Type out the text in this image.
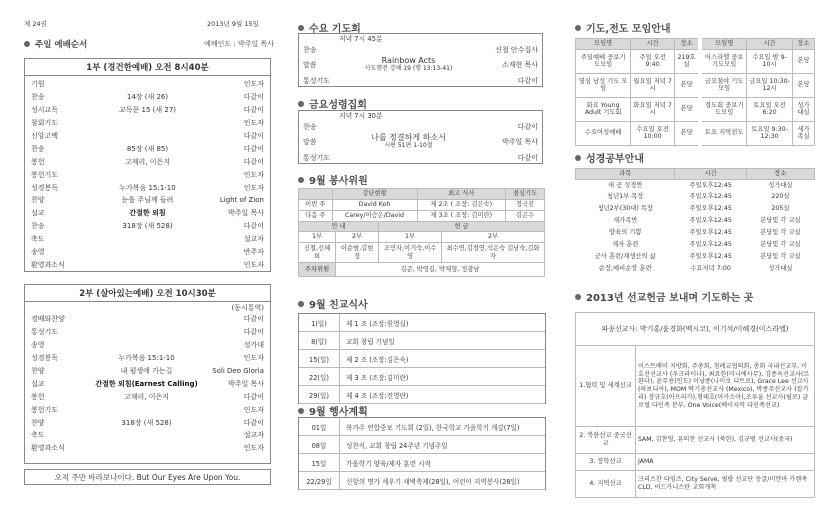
제 24권	2013년 9월 15일
주일 예배순서	예배인도 : 박주일 목사
1부 (경건한예배) 오전 8시40분
기원	인도자
찬송	14장 (새 26)	다같이
성시교독	교독문 15 (새 27)	다같이
참회기도	인도자
신앙고백	다같이
찬송	85장 (새 85)	다같이
봉헌	고재리, 이은지	다같이
봉헌기도	인도자
성경봉독	누가복음 15:1-10	인도자
찬양	눈을 주님께 들려	Light of Zion
설교	간절한 외침	박주일 목사
찬송	318장 (새 528)	다같이
축도	설교자
송영	반주자
환영과소식	인도자
2부 (살아있는예배) 오전 10시30분
(동시통역)
경배와찬양	다같이
통성기도	다같이
송영	성가대
성경봉독	누가복음 15:1-10	인도자
찬양	내 평생에 가는길	Soli Deo Gloria
설교	간절한 외침(Earnest Calling)	박주일 목사
봉헌	고재리, 이은지	다같이
봉헌기도	인도자
찬양	318장 (새 528)	다같이
축도	설교자
환영과소식	인도자
오직 주만 바라보나이다. But Our Eyes Are Upon You.
수요 기도회
저녁 7시 45분
찬송	신철 안수집사
말씀	Rainbow Acts
사도행전 강해 19 (행 13:13-41)	소재현 목사
통성기도	다같이
금요성령집회
저녁 7시 30분
찬송	다같이
말씀	나를 정결하게 하소서
시편 51편 1-10절	박주일 목사
통성기도	다같이
9월 봉사위원
	강단현황	최고 식사	점심기도
이번 주	David Koh	제 2조 ( 조장: 김은숙)	정국진
다음 주	Carey/이승은/David	제 3조 ( 조장: 김미란)	김곤수
안 내		헌 금	
1부	2부	1부	2부
신철,신혜희	이순범,김현정	조민자,이기숙,이수영	최수연,김경연,석은숙 김남숙,김화자
주차위원	김준, 박영길, 박재형, 정광남		
9월 친교식사
1(일)	제 1 조 (조장:원영실)
8(일)	교회 창립 기념일
15(일)	제 2 조 (조장:김은숙)
22(일)	제 3 조 (조장:김미란)
29(일)	제 4 조 (조장:전영란)
9월 행사계획
01일	북가주 연합중보 기도회 (2일), 한국학교 가을학기 개강(7일)
08일	성찬식, 교회 창립 24주년 기념주일
15일	가을학기 양육/제자 훈련 시작
22/29일	신앙의 명가 세우기 새벽축제(28일), 어린이 지역봉사(28일)
기도,전도 모임안내
모임명	시간	장소	모임명	시간	장소
주일예배 중보기도모임	주일 오전 9:40	219호실	어스라엘 중보기도모임	수요일 밤 9-10시	본당
열심 남성 기도 모임	월요일 저녁 7시	본당	금요철야 기도모임	금요일 10:30-12시	본당
화요 Young Adult 기도회	화요일 저녁 7시	본당	경도회 중보기도모임	토요일 오전 6:20	성가대실
수요여성예배	수요일 오전 10:00	본당	토요 지역전도	토요일 9:30-12:30	세가족실
성경공부안내
과목	시간	장소
새 공 성경반	주일오후12:45	성가대실
청년1부 목장	주일오후12:45	220실
청년2부(30대) 목장	주일오후12:45	205실
새가족반	주일오후12:45	본당및 각 교실
양육의 기쁨	주일오후12:45	본당및 각 교실
제자 훈련	주일오후12:45	본당및 각 교실
군사 훈련/재생산의 삶	주일오후12:45	본당및 각 교실
순장,예비순장 훈련	수요저녁 7:00	성가대실
2013년 선교헌금 보내며 기도하는 곳
파송선교사: 박기홍/윤경화(멕시코), 이기석/이혜경(이스라엘)	
1.협력 및 세계선교	이스트베이 지방회, 주총회, 침례교협의회, 총회 국내선교부, 이호선선교사 (우크라이나), 최요한(미니에사무), 김종옥선교사(르완다), 윤무용(인도) 이낭종(나이로 디트로), Grace Lee 선교사(하보디아), MOM 딱기총선교사 (Mexico), 박종주선교사 (캄가리) 장규호(아프리카),형태호(아카소아),조루울 선교사(필로) 글로벌 다민족 분부, One Voice(베이지역 다민족선교)
2. 북한선교 중국선교	SAM, 김찬영, 유의찬 선교사 (북한), 김규범 선교사(중국)
3. 장학선교	JAMA
4. 지역선교	크리스찬 타임즈, City Serve, 필랍 선교단 동굴/미얀마 카렌족 CLD, 어드가니스탄 교회개척
